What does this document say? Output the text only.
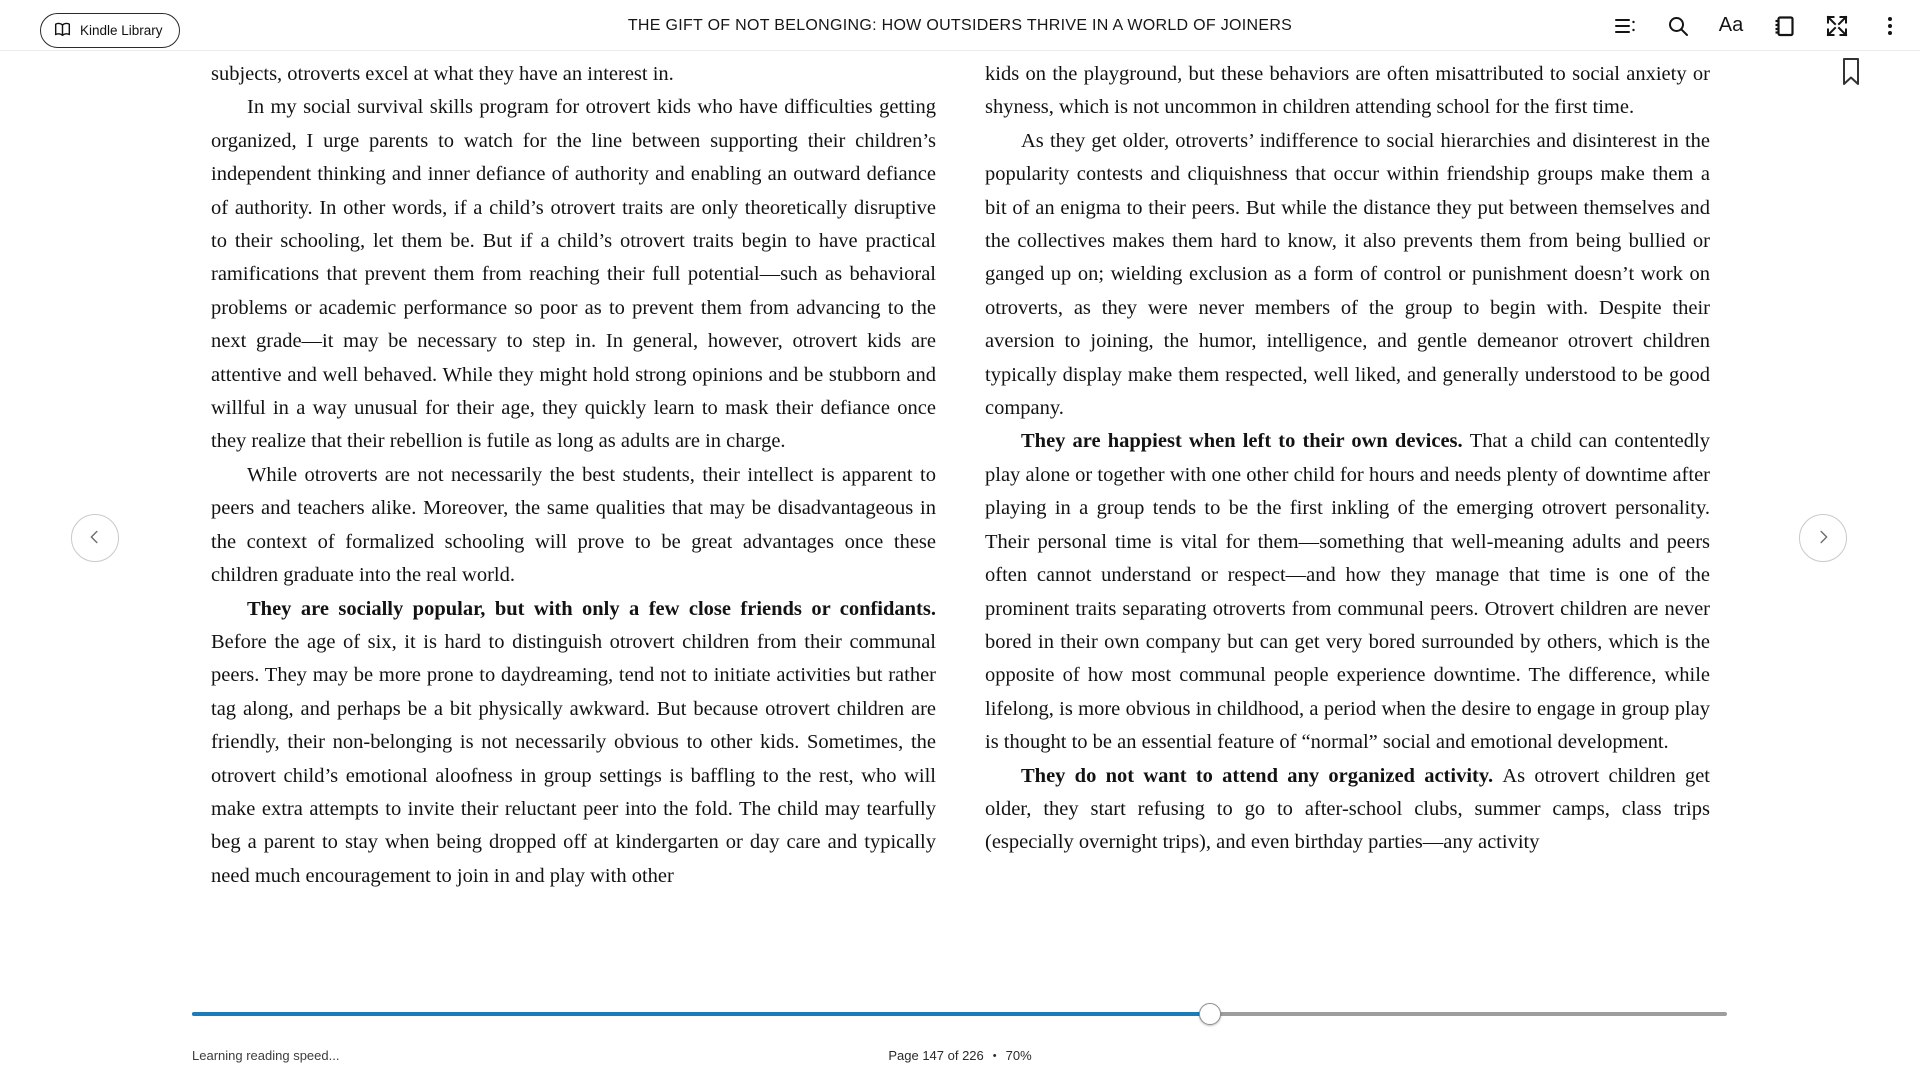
Kindle Library	THE GIFT OF NOT BELONGING: HOW OUTSIDERS THRIVE IN A WORLD OF JOINERS	Aa

subjects, otroverts excel at what they have an interest in.

In my social survival skills program for otrovert kids who have difficulties getting organized, I urge parents to watch for the line between supporting their children’s independent thinking and inner defiance of authority and enabling an outward defiance of authority. In other words, if a child’s otrovert traits are only theoretically disruptive to their schooling, let them be. But if a child’s otrovert traits begin to have practical ramifications that prevent them from reaching their full potential—such as behavioral problems or academic performance so poor as to prevent them from advancing to the next grade—it may be necessary to step in. In general, however, otrovert kids are attentive and well behaved. While they might hold strong opinions and be stubborn and willful in a way unusual for their age, they quickly learn to mask their defiance once they realize that their rebellion is futile as long as adults are in charge.

While otroverts are not necessarily the best students, their intellect is apparent to peers and teachers alike. Moreover, the same qualities that may be disadvantageous in the context of formalized schooling will prove to be great advantages once these children graduate into the real world.

They are socially popular, but with only a few close friends or confidants. Before the age of six, it is hard to distinguish otrovert children from their communal peers. They may be more prone to daydreaming, tend not to initiate activities but rather tag along, and perhaps be a bit physically awkward. But because otrovert children are friendly, their non-belonging is not necessarily obvious to other kids. Sometimes, the otrovert child’s emotional aloofness in group settings is baffling to the rest, who will make extra attempts to invite their reluctant peer into the fold. The child may tearfully beg a parent to stay when being dropped off at kindergarten or day care and typically need much encouragement to join in and play with other

kids on the playground, but these behaviors are often misattributed to social anxiety or shyness, which is not uncommon in children attending school for the first time.

As they get older, otroverts’ indifference to social hierarchies and disinterest in the popularity contests and cliquishness that occur within friendship groups make them a bit of an enigma to their peers. But while the distance they put between themselves and the collectives makes them hard to know, it also prevents them from being bullied or ganged up on; wielding exclusion as a form of control or punishment doesn’t work on otroverts, as they were never members of the group to begin with. Despite their aversion to joining, the humor, intelligence, and gentle demeanor otrovert children typically display make them respected, well liked, and generally understood to be good company.

They are happiest when left to their own devices. That a child can contentedly play alone or together with one other child for hours and needs plenty of downtime after playing in a group tends to be the first inkling of the emerging otrovert personality. Their personal time is vital for them—something that well-meaning adults and peers often cannot understand or respect—and how they manage that time is one of the prominent traits separating otroverts from communal peers. Otrovert children are never bored in their own company but can get very bored surrounded by others, which is the opposite of how most communal people experience downtime. The difference, while lifelong, is more obvious in childhood, a period when the desire to engage in group play is thought to be an essential feature of “normal” social and emotional development.

They do not want to attend any organized activity. As otrovert children get older, they start refusing to go to after-school clubs, summer camps, class trips (especially overnight trips), and even birthday parties—any activity

Learning reading speed...	Page 147 of 226 • 70%
